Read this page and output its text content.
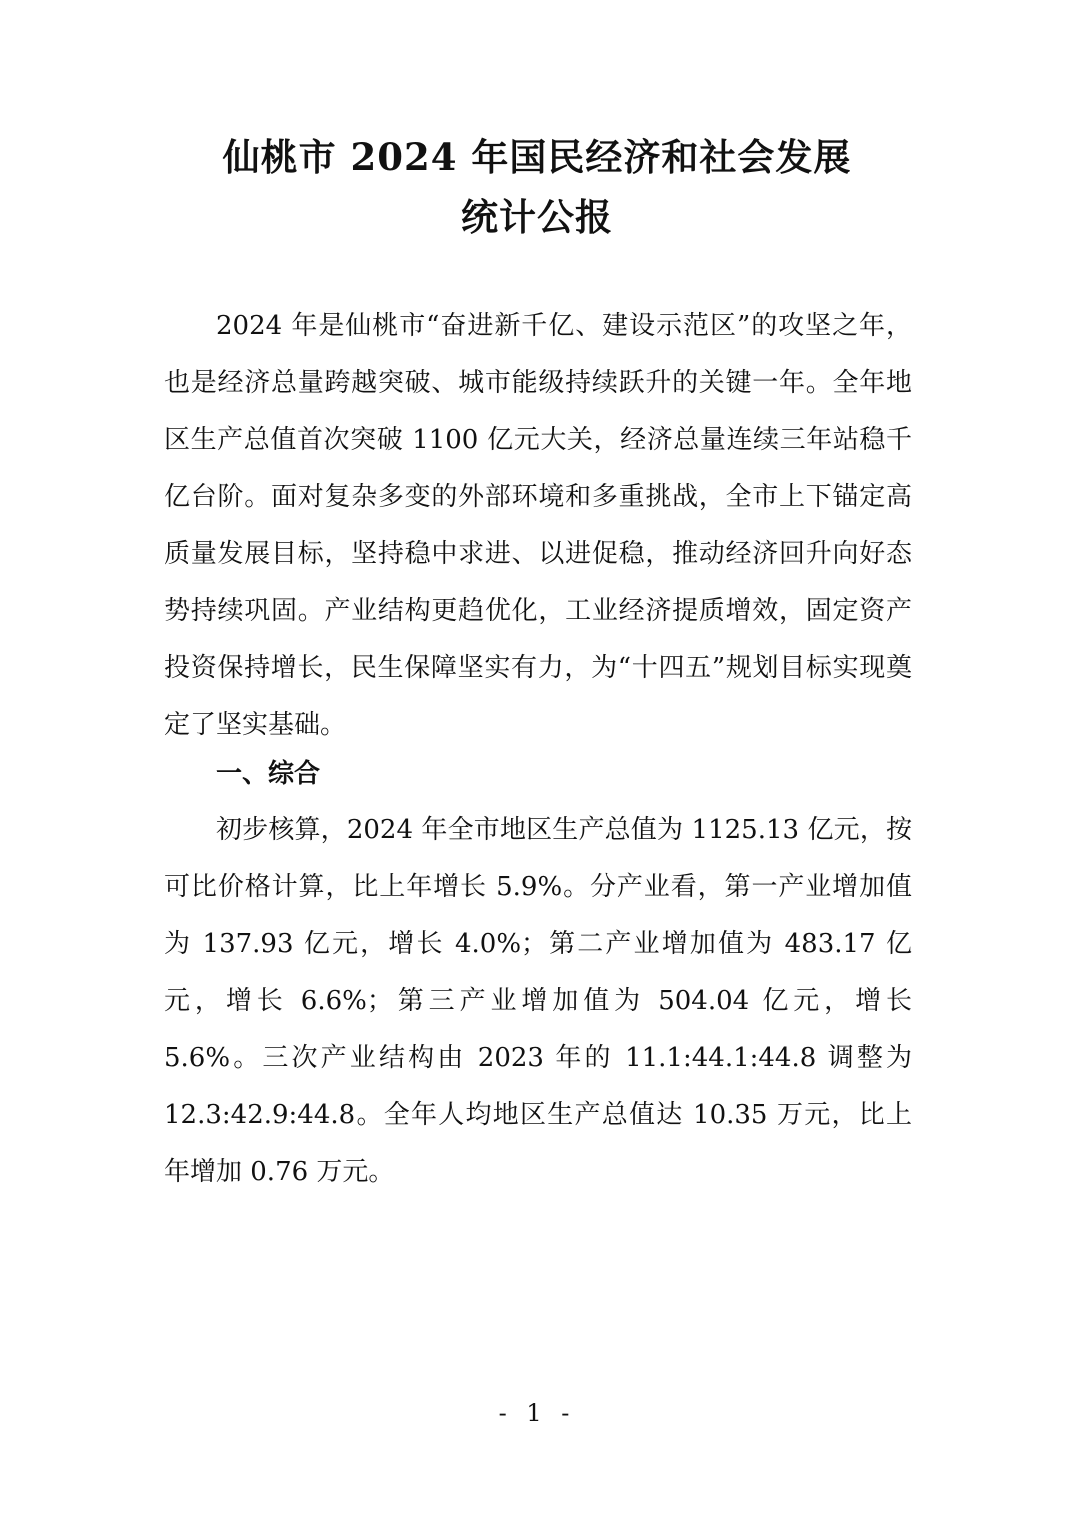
仙桃市 2024 年国民经济和社会发展
统计公报

2024 年是仙桃市“奋进新千亿、建设示范区”的攻坚之年，也是经济总量跨越突破、城市能级持续跃升的关键一年。全年地区生产总值首次突破 1100 亿元大关，经济总量连续三年站稳千亿台阶。面对复杂多变的外部环境和多重挑战，全市上下锚定高质量发展目标，坚持稳中求进、以进促稳，推动经济回升向好态势持续巩固。产业结构更趋优化，工业经济提质增效，固定资产投资保持增长，民生保障坚实有力，为“十四五”规划目标实现奠定了坚实基础。

一、综合

初步核算，2024 年全市地区生产总值为 1125.13 亿元，按可比价格计算，比上年增长 5.9%。分产业看，第一产业增加值为 137.93 亿元，增长 4.0%；第二产业增加值为 483.17 亿元，增长 6.6%；第三产业增加值为 504.04 亿元，增长 5.6%。三次产业结构由 2023 年的 11.1:44.1:44.8 调整为 12.3:42.9:44.8。全年人均地区生产总值达 10.35 万元，比上年增加 0.76 万元。

- 1 -
